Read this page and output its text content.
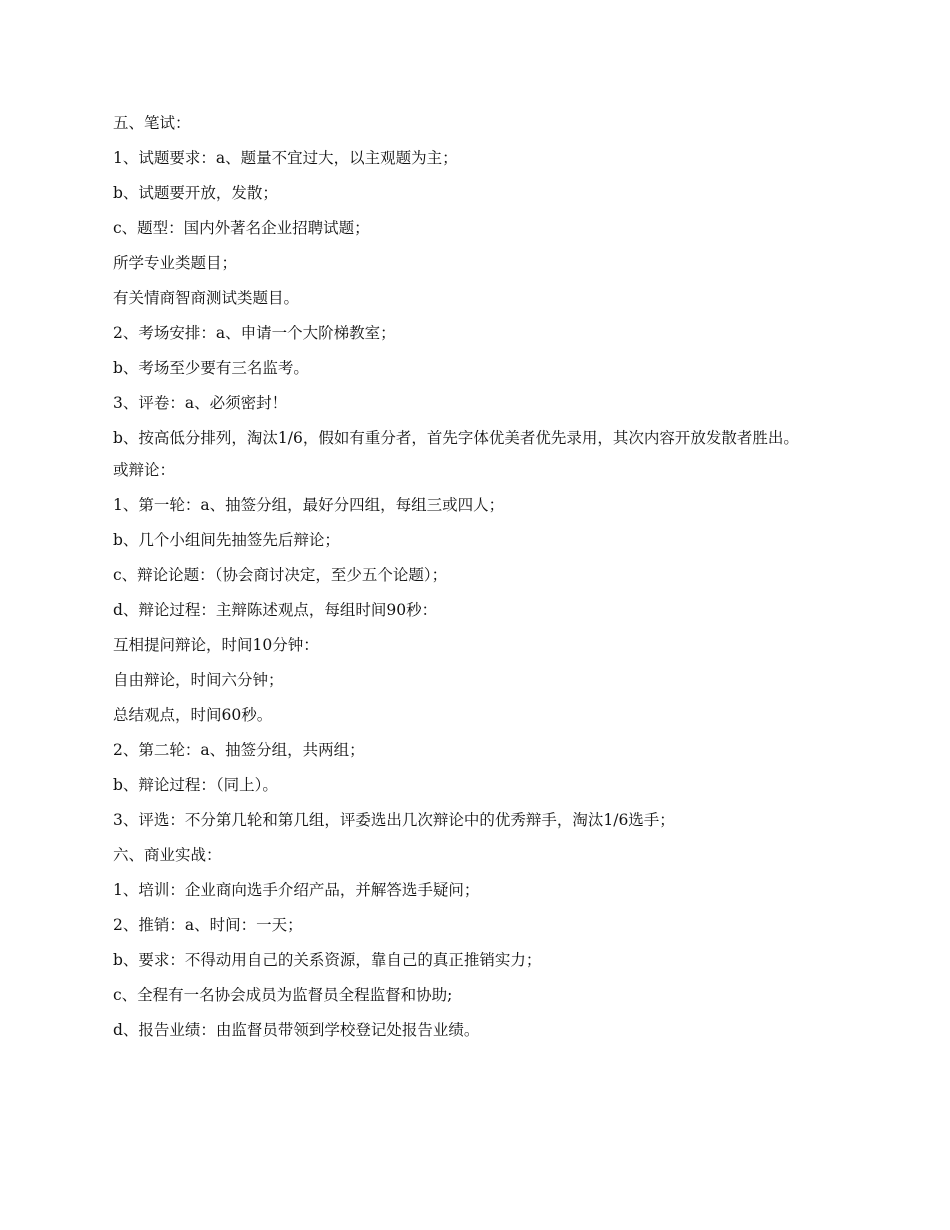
五、笔试：

1、试题要求：a、题量不宜过大，以主观题为主；

b、试题要开放，发散；

c、题型：国内外著名企业招聘试题；

所学专业类题目；

有关情商智商测试类题目。

2、考场安排：a、申请一个大阶梯教室；

b、考场至少要有三名监考。

3、评卷：a、必须密封！

b、按高低分排列，淘汰1/6，假如有重分者，首先字体优美者优先录用，其次内容开放发散者胜出。

或辩论：

1、第一轮：a、抽签分组，最好分四组，每组三或四人；

b、几个小组间先抽签先后辩论；

c、辩论论题：（协会商讨决定，至少五个论题）；

d、辩论过程：主辩陈述观点，每组时间90秒：

互相提问辩论，时间10分钟：

自由辩论，时间六分钟；

总结观点，时间60秒。

2、第二轮：a、抽签分组，共两组；

b、辩论过程：（同上）。

3、评选：不分第几轮和第几组，评委选出几次辩论中的优秀辩手，淘汰1/6选手；

六、商业实战：

1、培训：企业商向选手介绍产品，并解答选手疑问；

2、推销：a、时间：一天；

b、要求：不得动用自己的关系资源，靠自己的真正推销实力；

c、全程有一名协会成员为监督员全程监督和协助;

d、报告业绩：由监督员带领到学校登记处报告业绩。
